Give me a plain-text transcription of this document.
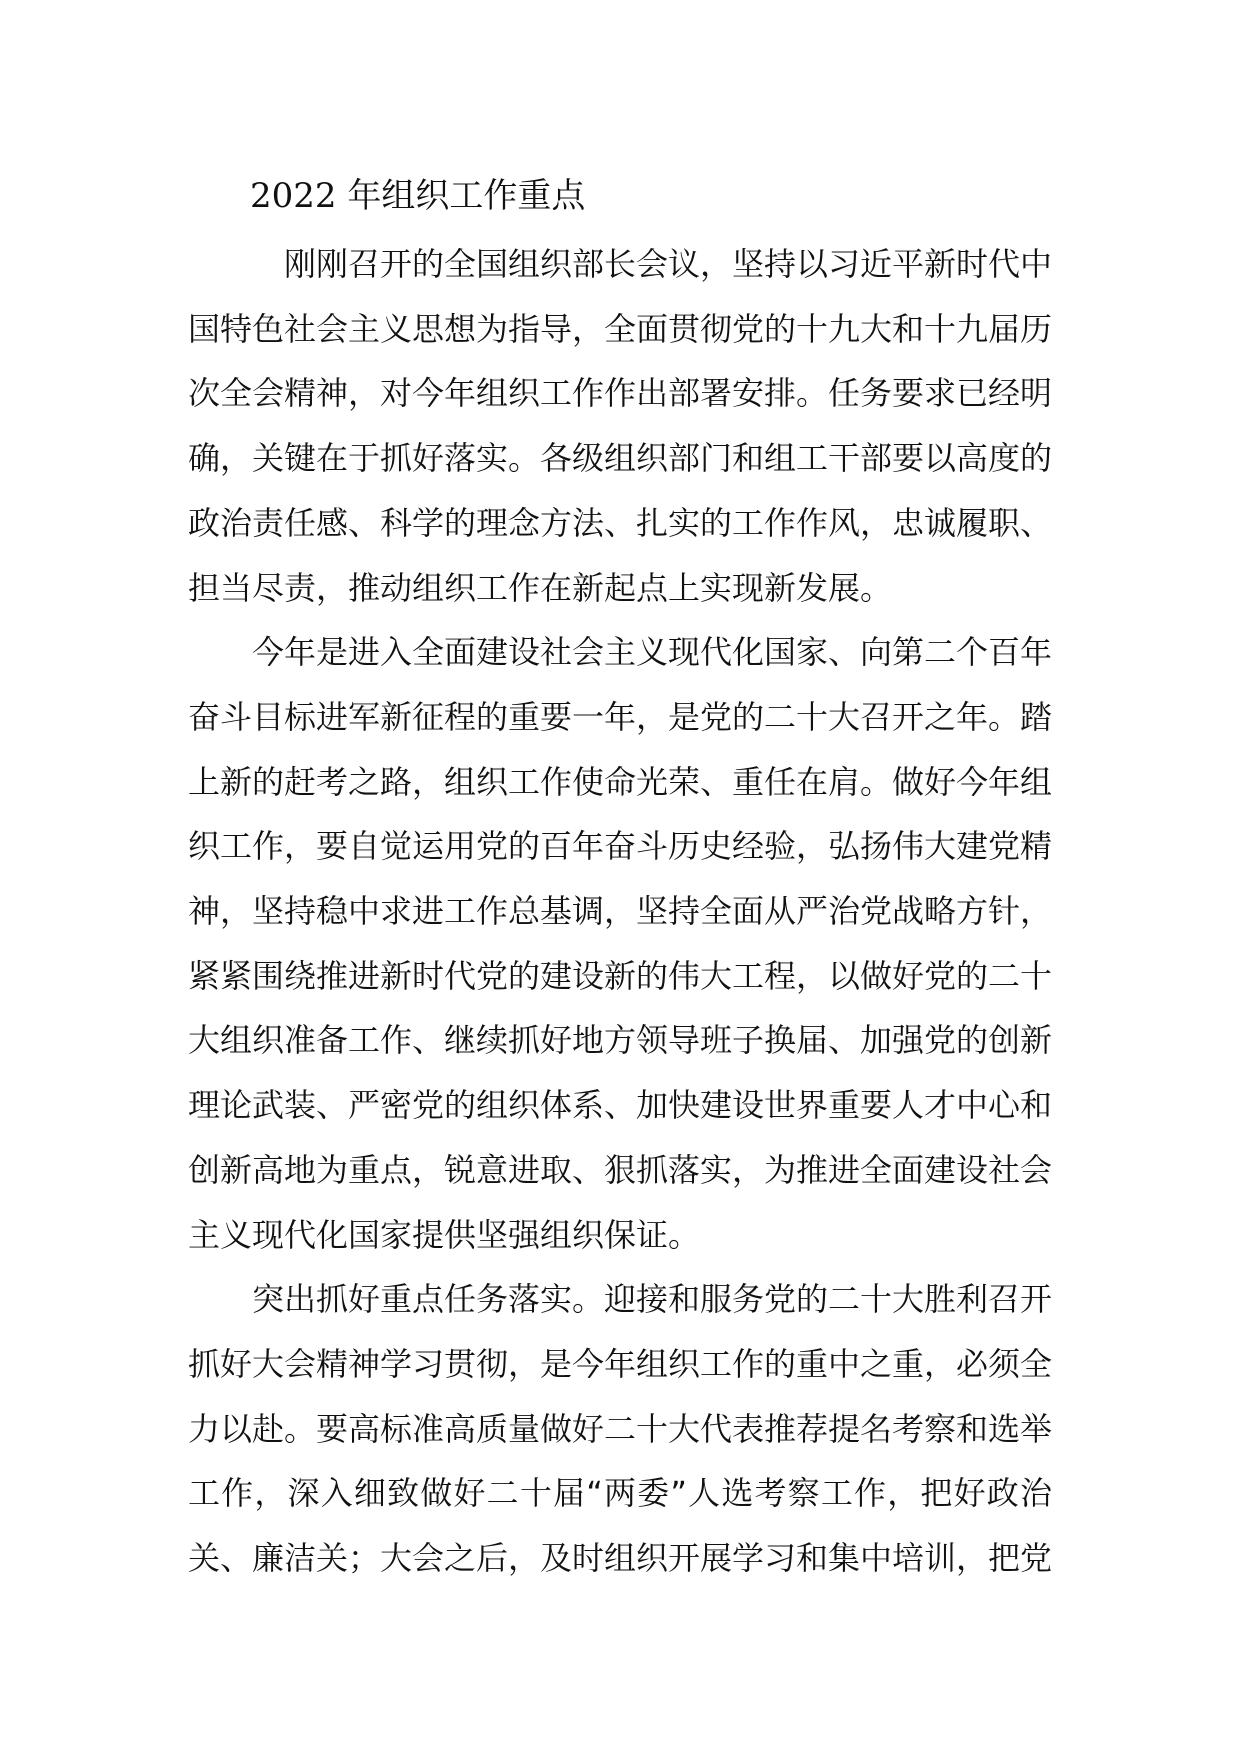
2022 年组织工作重点

刚刚召开的全国组织部长会议，坚持以习近平新时代中国特色社会主义思想为指导，全面贯彻党的十九大和十九届历次全会精神，对今年组织工作作出部署安排。任务要求已经明确，关键在于抓好落实。各级组织部门和组工干部要以高度的政治责任感、科学的理念方法、扎实的工作作风，忠诚履职、担当尽责，推动组织工作在新起点上实现新发展。

今年是进入全面建设社会主义现代化国家、向第二个百年奋斗目标进军新征程的重要一年，是党的二十大召开之年。踏上新的赶考之路，组织工作使命光荣、重任在肩。做好今年组织工作，要自觉运用党的百年奋斗历史经验，弘扬伟大建党精神，坚持稳中求进工作总基调，坚持全面从严治党战略方针，紧紧围绕推进新时代党的建设新的伟大工程，以做好党的二十大组织准备工作、继续抓好地方领导班子换届、加强党的创新理论武装、严密党的组织体系、加快建设世界重要人才中心和创新高地为重点，锐意进取、狠抓落实，为推进全面建设社会主义现代化国家提供坚强组织保证。

突出抓好重点任务落实。迎接和服务党的二十大胜利召开抓好大会精神学习贯彻，是今年组织工作的重中之重，必须全力以赴。要高标准高质量做好二十大代表推荐提名考察和选举工作，深入细致做好二十届“两委”人选考察工作，把好政治关、廉洁关；大会之后，及时组织开展学习和集中培训，把党
